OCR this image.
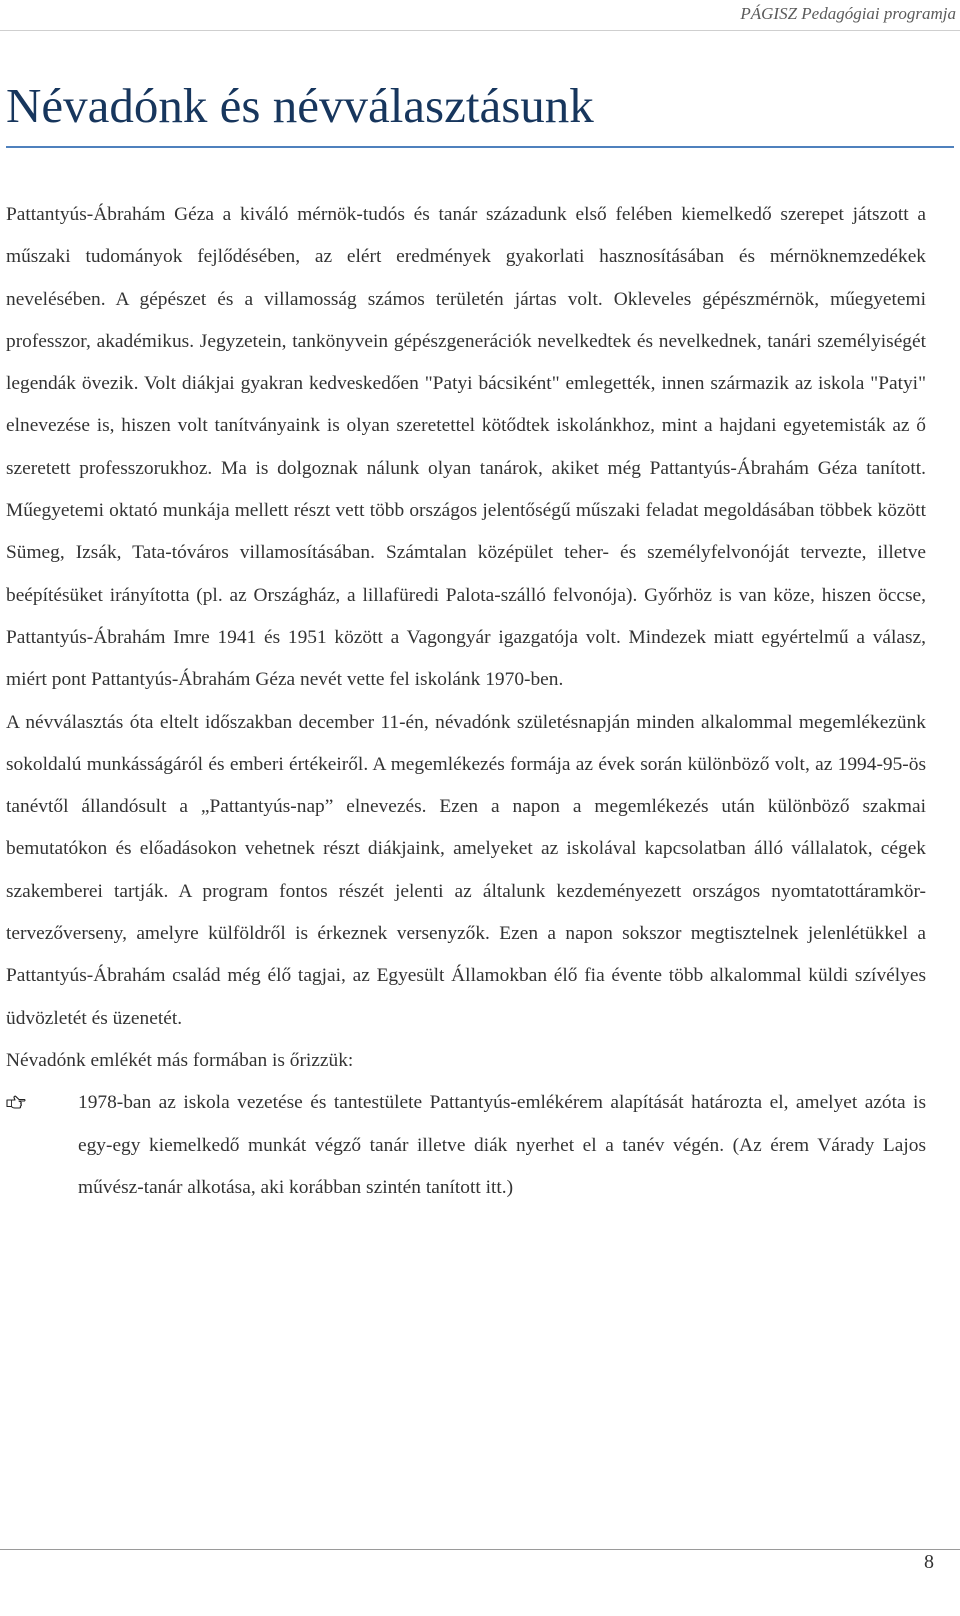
PÁGISZ Pedagógiai programja
Névadónk és névválasztásunk

Pattantyús-Ábrahám Géza a kiváló mérnök-tudós és tanár századunk első felében kiemelkedő szerepet játszott a műszaki tudományok fejlődésében, az elért eredmények gyakorlati hasznosításában és mérnöknemzedékek nevelésében. A gépészet és a villamosság számos területén jártas volt. Okleveles gépészmérnök, műegyetemi professzor, akadémikus. Jegyzetein, tankönyvein gépészgenerációk nevelkedtek és nevelkednek, tanári személyiségét legendák övezik. Volt diákjai gyakran kedveskedően "Patyi bácsiként" emlegették, innen származik az iskola "Patyi" elnevezése is, hiszen volt tanítványaink is olyan szeretettel kötődtek iskolánkhoz, mint a hajdani egyetemisták az ő szeretett professzorukhoz. Ma is dolgoznak nálunk olyan tanárok, akiket még Pattantyús-Ábrahám Géza tanított. Műegyetemi oktató munkája mellett részt vett több országos jelentőségű műszaki feladat megoldásában többek között Sümeg, Izsák, Tata-tóváros villamosításában. Számtalan középület teher- és személyfelvonóját tervezte, illetve beépítésüket irányította (pl. az Országház, a lillafüredi Palota-szálló felvonója). Győrhöz is van köze, hiszen öccse, Pattantyús-Ábrahám Imre 1941 és 1951 között a Vagongyár igazgatója volt. Mindezek miatt egyértelmű a válasz, miért pont Pattantyús-Ábrahám Géza nevét vette fel iskolánk 1970-ben.

A névválasztás óta eltelt időszakban december 11-én, névadónk születésnapján minden alkalommal megemlékezünk sokoldalú munkásságáról és emberi értékeiről. A megemlékezés formája az évek során különböző volt, az 1994-95-ös tanévtől állandósult a „Pattantyús-nap” elnevezés. Ezen a napon a megemlékezés után különböző szakmai bemutatókon és előadásokon vehetnek részt diákjaink, amelyeket az iskolával kapcsolatban álló vállalatok, cégek szakemberei tartják. A program fontos részét jelenti az általunk kezdeményezett országos nyomtatottáramkör-tervezőverseny, amelyre külföldről is érkeznek versenyzők. Ezen a napon sokszor megtisztelnek jelenlétükkel a Pattantyús-Ábrahám család még élő tagjai, az Egyesült Államokban élő fia évente több alkalommal küldi szívélyes üdvözletét és üzenetét.

Névadónk emlékét más formában is őrizzük:

1978-ban az iskola vezetése és tantestülete Pattantyús-emlékérem alapítását határozta el, amelyet azóta is egy-egy kiemelkedő munkát végző tanár illetve diák nyerhet el a tanév végén. (Az érem Várady Lajos művész-tanár alkotása, aki korábban szintén tanított itt.)
8
